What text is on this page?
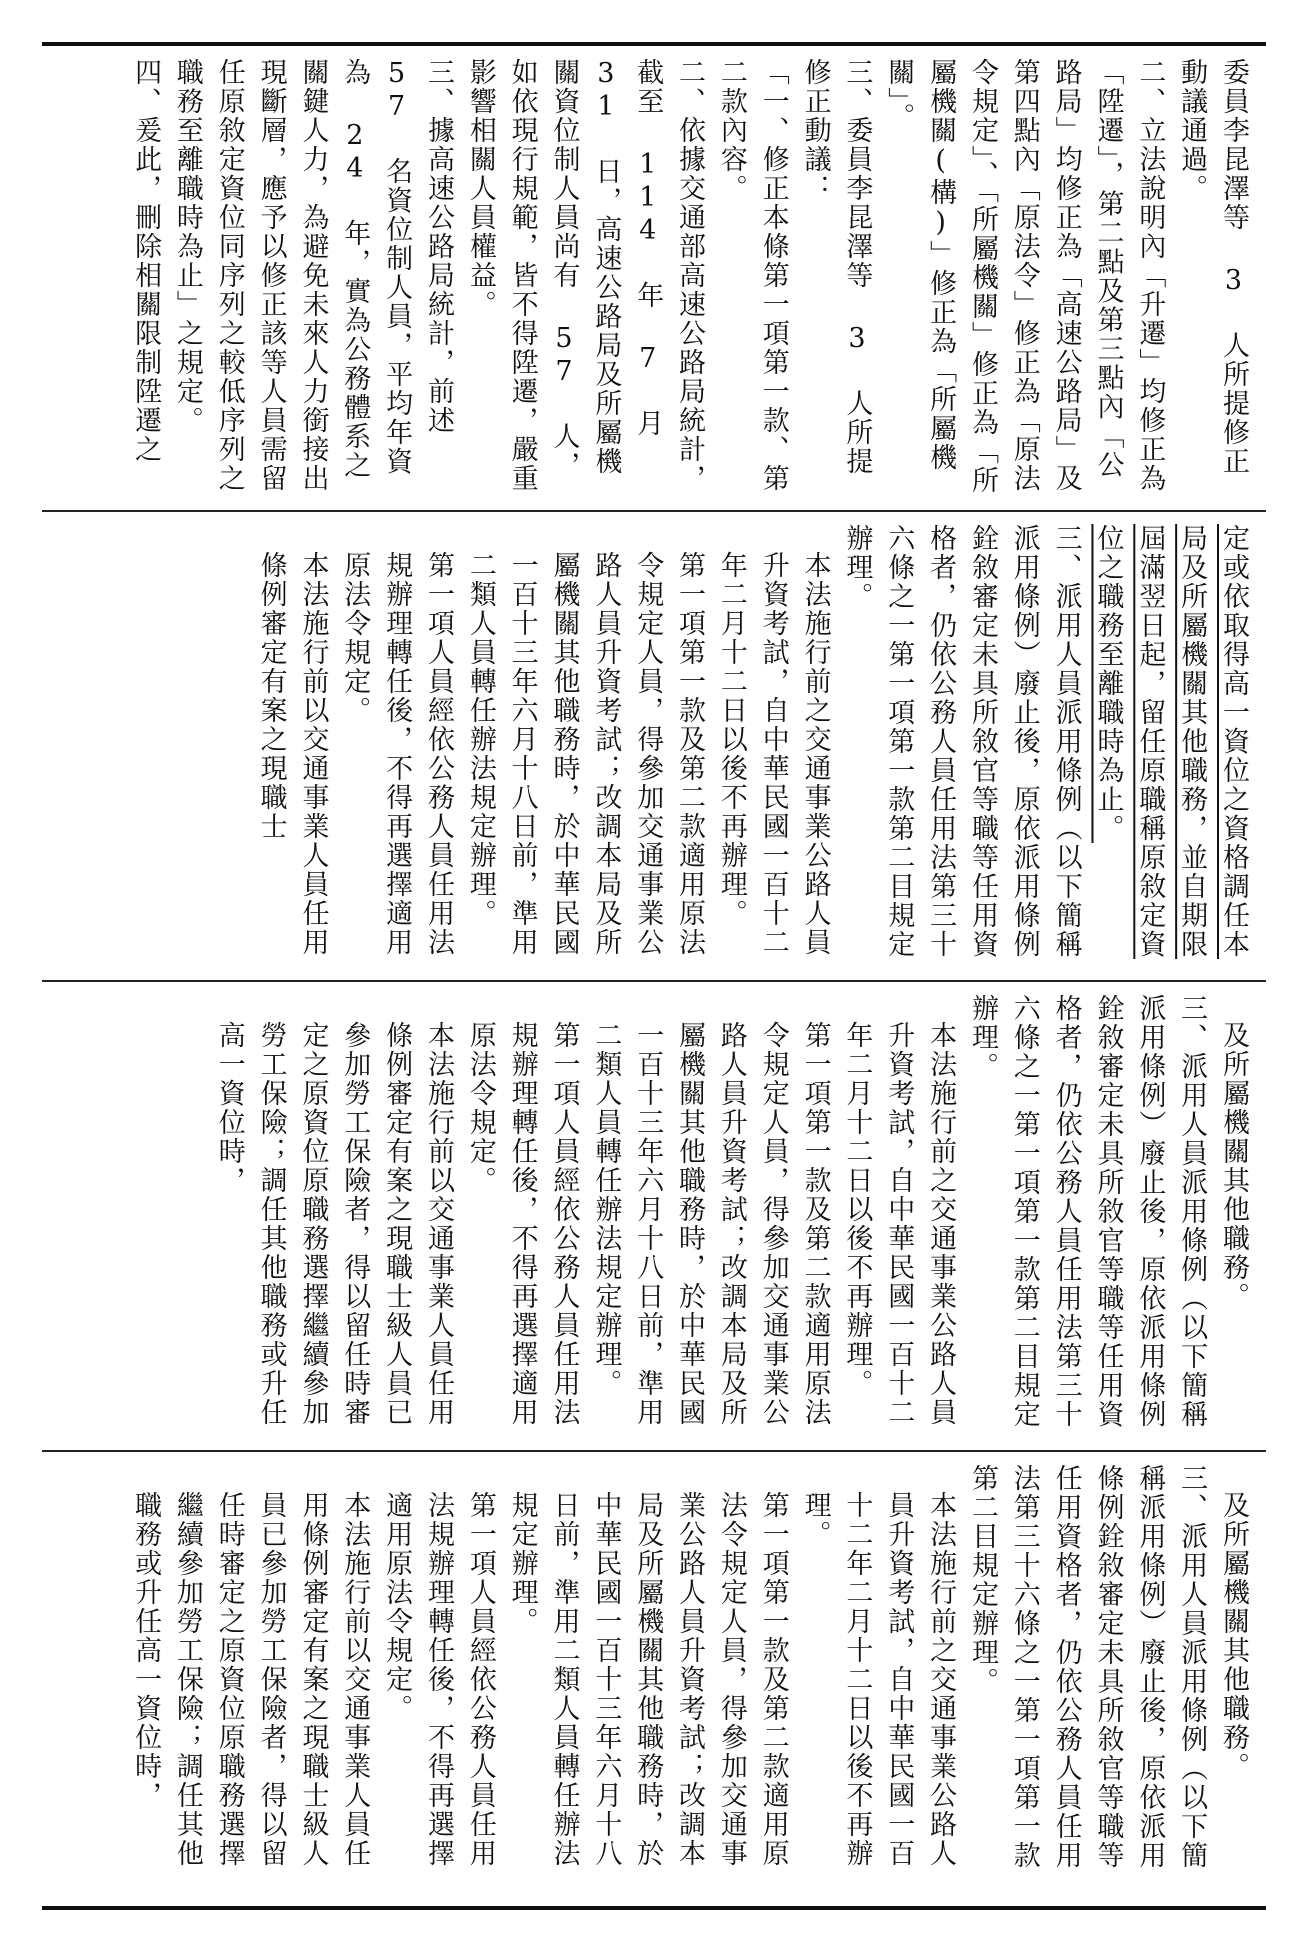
委員李昆澤等 3 人所提修正動議通過。

二、立法說明內「升遷」均修正為「陞遷」，第二點及第三點內「公路局」均修正為「高速公路局」及第四點內「原法令」修正為「原法令規定」、「所屬機關」修正為「所屬機關(構)」修正為「所屬機關」。

三、委員李昆澤等 3 人所提修正動議：

「一、修正本條第一項第一款、第二款內容。

二、依據交通部高速公路局統計，截至 114 年 7 月 31 日，高速公路局及所屬機關資位制人員尚有 57 人，如依現行規範，皆不得陞遷，嚴重影響相關人員權益。

三、據高速公路局統計，前述 57 名資位制人員，平均年資為 24 年，實為公務體系之關鍵人力，為避免未來人力銜接出現斷層，應予以修正該等人員需留任原敘定資位同序列之較低序列之職務至離職時為止」之規定。

四、爰此，刪除相關限制陞遷之

定或依取得高一資位之資格調任本局及所屬機關其他職務，並自期限屆滿翌日起，留任原職稱原敘定資位之職務至離職時為止。

三、派用人員派用條例（以下簡稱派用條例）廢止後，原依派用條例銓敘審定未具所敘官等職等任用資格者，仍依公務人員任用法第三十六條之一第一項第一款第二目規定辦理。

本法施行前之交通事業公路人員升資考試，自中華民國一百十二年二月十二日以後不再辦理。

第一項第一款及第二款適用原法令規定人員，得參加交通事業公路人員升資考試；改調本局及所屬機關其他職務時，於中華民國一百十三年六月十八日前，準用二類人員轉任辦法規定辦理。

第一項人員經依公務人員任用法規辦理轉任後，不得再選擇適用原法令規定。

本法施行前以交通事業人員任用條例審定有案之現職士

及所屬機關其他職務。

三、派用人員派用條例（以下簡稱派用條例）廢止後，原依派用條例銓敘審定未具所敘官等職等任用資格者，仍依公務人員任用法第三十六條之一第一項第一款第二目規定辦理。

本法施行前之交通事業公路人員升資考試，自中華民國一百十二年二月十二日以後不再辦理。

第一項第一款及第二款適用原法令規定人員，得參加交通事業公路人員升資考試；改調本局及所屬機關其他職務時，於中華民國一百十三年六月十八日前，準用二類人員轉任辦法規定辦理。

第一項人員經依公務人員任用法規辦理轉任後，不得再選擇適用原法令規定。

本法施行前以交通事業人員任用條例審定有案之現職士級人員已參加勞工保險者，得以留任時審定之原資位原職務選擇繼續參加勞工保險；調任其他職務或升任高一資位時，

及所屬機關其他職務。

三、派用人員派用條例（以下簡稱派用條例）廢止後，原依派用條例銓敘審定未具所敘官等職等任用資格者，仍依公務人員任用法第三十六條之一第一項第一款第二目規定辦理。

本法施行前之交通事業公路人員升資考試，自中華民國一百十二年二月十二日以後不再辦理。

第一項第一款及第二款適用原法令規定人員，得參加交通事業公路人員升資考試；改調本局及所屬機關其他職務時，於中華民國一百十三年六月十八日前，準用二類人員轉任辦法規定辦理。

第一項人員經依公務人員任用法規辦理轉任後，不得再選擇適用原法令規定。

本法施行前以交通事業人員任用條例審定有案之現職士級人員已參加勞工保險者，得以留任時審定之原資位原職務選擇繼續參加勞工保險；調任其他職務或升任高一資位時，
